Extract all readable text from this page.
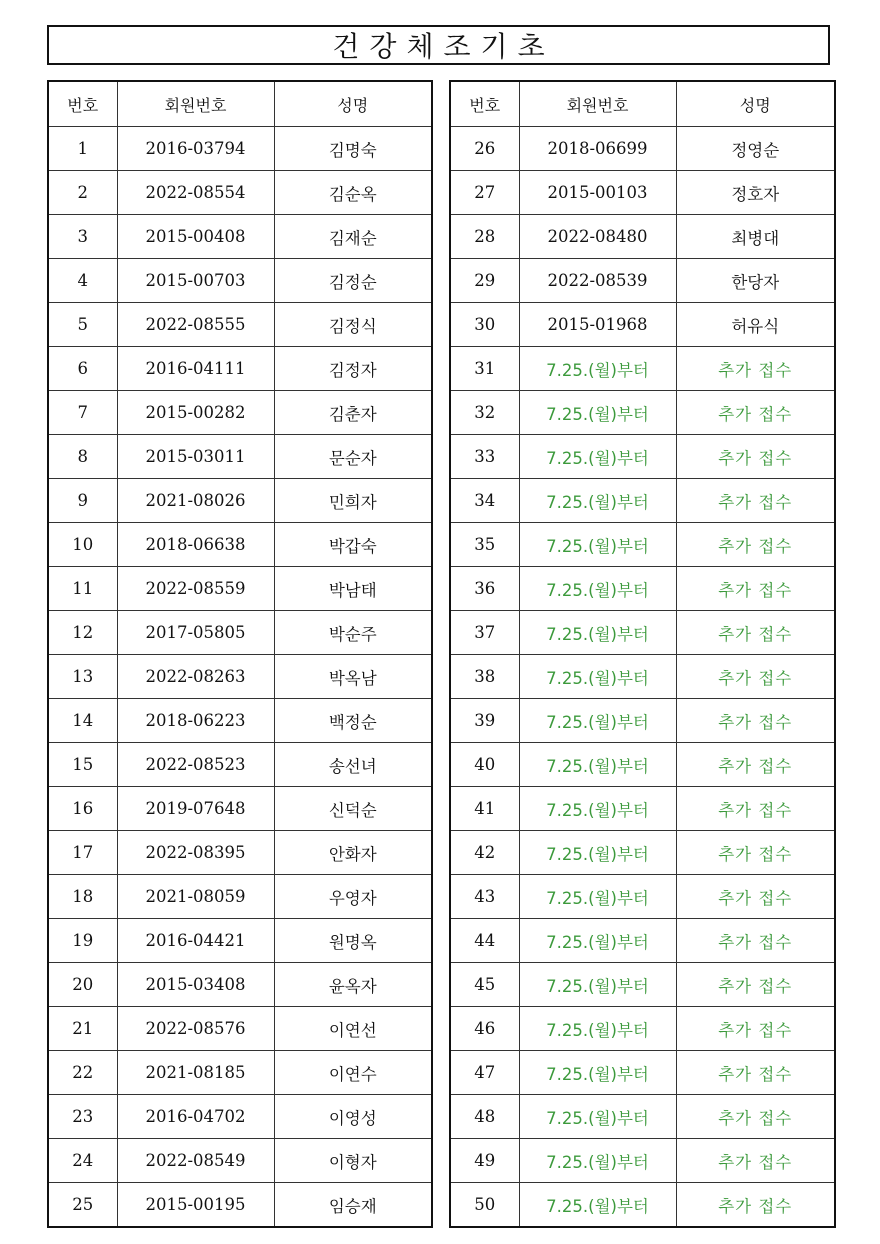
건강체조기초
번호	회원번호	성명
1	2016-03794	김명숙
2	2022-08554	김순옥
3	2015-00408	김재순
4	2015-00703	김정순
5	2022-08555	김정식
6	2016-04111	김정자
7	2015-00282	김춘자
8	2015-03011	문순자
9	2021-08026	민희자
10	2018-06638	박갑숙
11	2022-08559	박남태
12	2017-05805	박순주
13	2022-08263	박옥남
14	2018-06223	백정순
15	2022-08523	송선녀
16	2019-07648	신덕순
17	2022-08395	안화자
18	2021-08059	우영자
19	2016-04421	원명옥
20	2015-03408	윤옥자
21	2022-08576	이연선
22	2021-08185	이연수
23	2016-04702	이영성
24	2022-08549	이형자
25	2015-00195	임승재
번호	회원번호	성명
26	2018-06699	정영순
27	2015-00103	정호자
28	2022-08480	최병대
29	2022-08539	한당자
30	2015-01968	허유식
31	7.25.(월)부터	추가 접수
32	7.25.(월)부터	추가 접수
33	7.25.(월)부터	추가 접수
34	7.25.(월)부터	추가 접수
35	7.25.(월)부터	추가 접수
36	7.25.(월)부터	추가 접수
37	7.25.(월)부터	추가 접수
38	7.25.(월)부터	추가 접수
39	7.25.(월)부터	추가 접수
40	7.25.(월)부터	추가 접수
41	7.25.(월)부터	추가 접수
42	7.25.(월)부터	추가 접수
43	7.25.(월)부터	추가 접수
44	7.25.(월)부터	추가 접수
45	7.25.(월)부터	추가 접수
46	7.25.(월)부터	추가 접수
47	7.25.(월)부터	추가 접수
48	7.25.(월)부터	추가 접수
49	7.25.(월)부터	추가 접수
50	7.25.(월)부터	추가 접수
